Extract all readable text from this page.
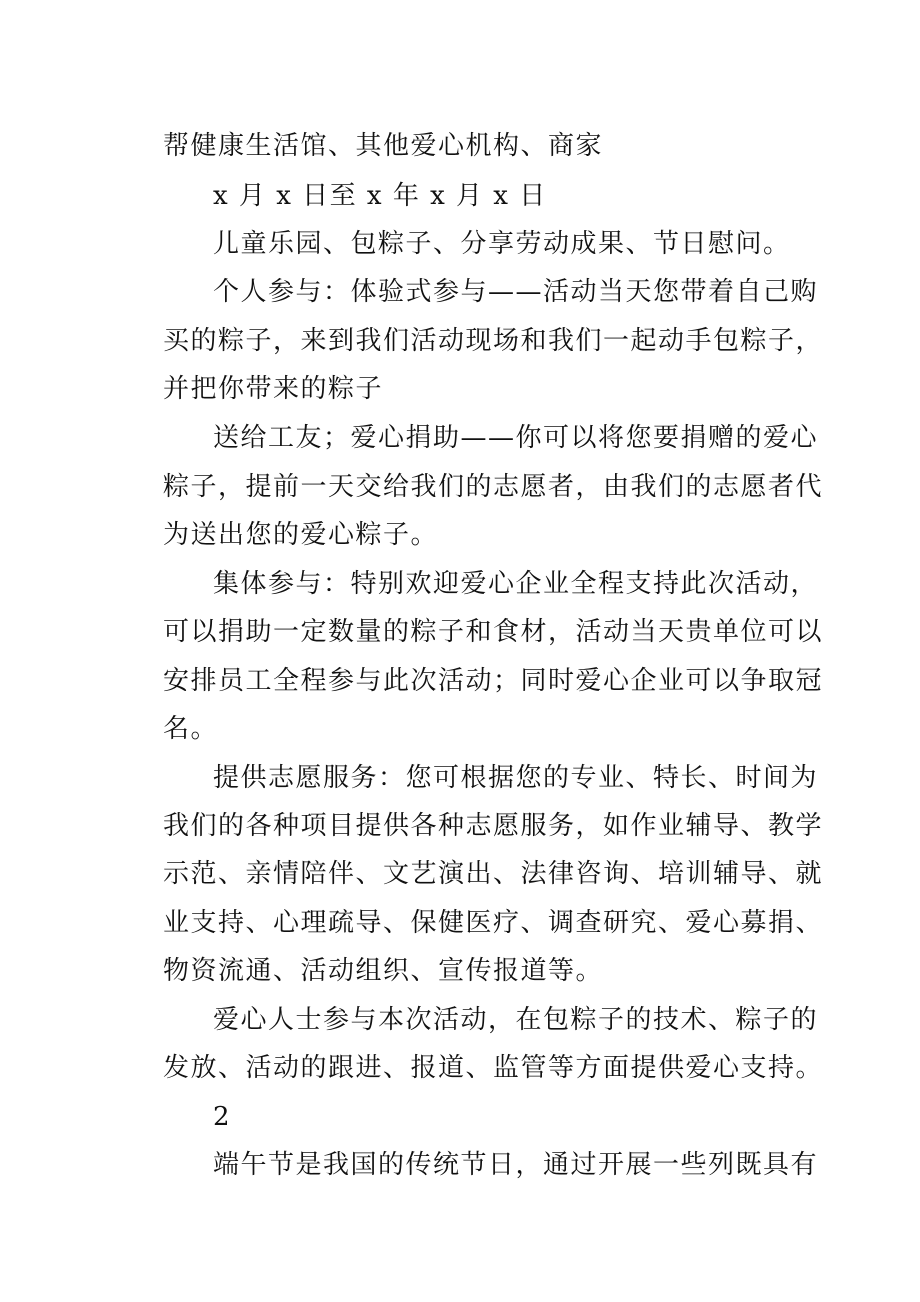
帮健康生活馆、其他爱心机构、商家
x 月 x 日至 x 年 x 月 x 日
儿童乐园、包粽子、分享劳动成果、节日慰问。
个人参与：体验式参与——活动当天您带着自己购
买的粽子，来到我们活动现场和我们一起动手包粽子，
并把你带来的粽子
送给工友；爱心捐助——你可以将您要捐赠的爱心
粽子，提前一天交给我们的志愿者，由我们的志愿者代
为送出您的爱心粽子。
集体参与：特别欢迎爱心企业全程支持此次活动，
可以捐助一定数量的粽子和食材，活动当天贵单位可以
安排员工全程参与此次活动；同时爱心企业可以争取冠
名。
提供志愿服务：您可根据您的专业、特长、时间为
我们的各种项目提供各种志愿服务，如作业辅导、教学
示范、亲情陪伴、文艺演出、法律咨询、培训辅导、就
业支持、心理疏导、保健医疗、调查研究、爱心募捐、
物资流通、活动组织、宣传报道等。
爱心人士参与本次活动，在包粽子的技术、粽子的
发放、活动的跟进、报道、监管等方面提供爱心支持。
2
端午节是我国的传统节日，通过开展一些列既具有
